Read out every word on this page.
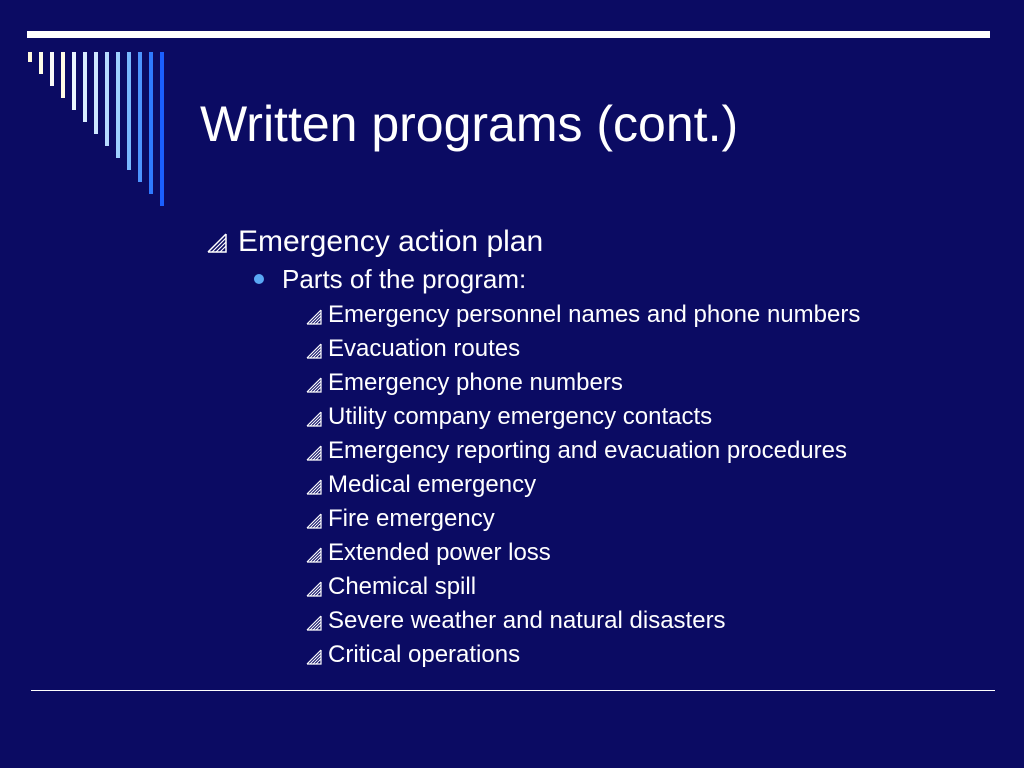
Written programs (cont.)
Emergency action plan
Parts of the program:
Emergency personnel names and phone numbers
Evacuation routes
Emergency phone numbers
Utility company emergency contacts
Emergency reporting and evacuation procedures
Medical emergency
Fire emergency
Extended power loss
Chemical spill
Severe weather and natural disasters
Critical operations
